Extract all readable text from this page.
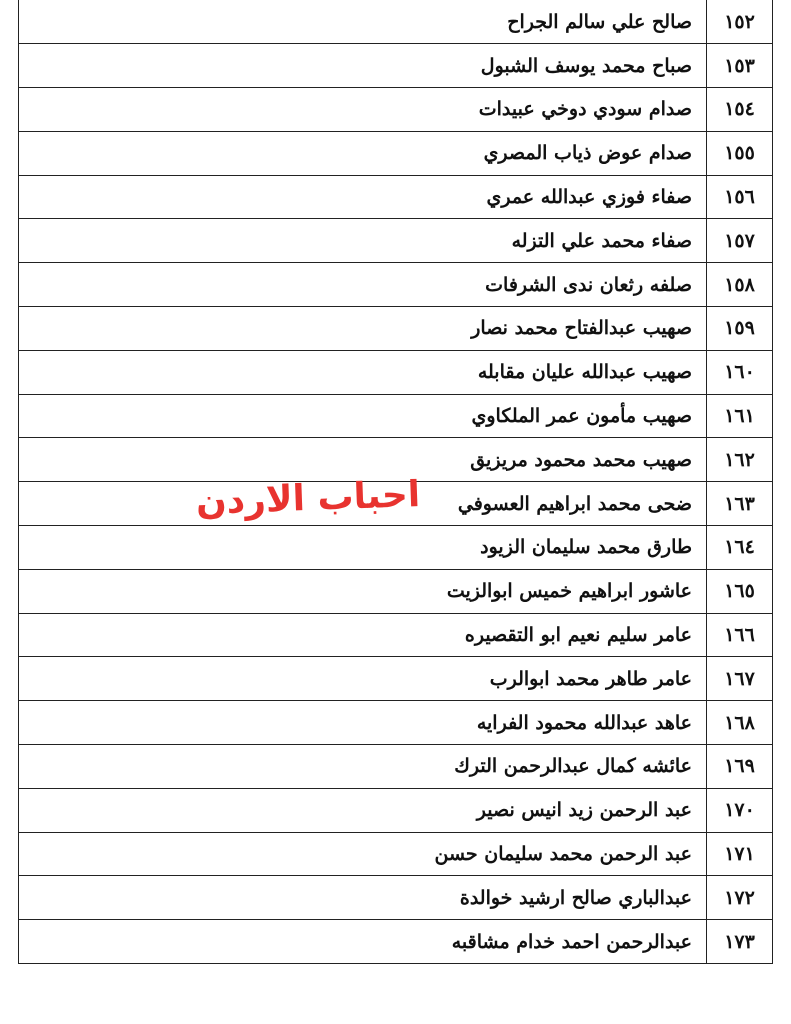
١٥٢	صالح علي سالم الجراح
١٥٣	صباح محمد يوسف الشبول
١٥٤	صدام سودي دوخي عبيدات
١٥٥	صدام عوض ذياب المصري
١٥٦	صفاء فوزي عبدالله عمري
١٥٧	صفاء محمد علي التزله
١٥٨	صلفه رثعان ندى الشرفات
١٥٩	صهيب عبدالفتاح محمد نصار
١٦٠	صهيب عبدالله عليان مقابله
١٦١	صهيب مأمون عمر الملكاوي
١٦٢	صهيب محمد محمود مريزيق
١٦٣	ضحى محمد ابراهيم العسوفي
١٦٤	طارق محمد سليمان الزيود
١٦٥	عاشور ابراهيم خميس ابوالزيت
١٦٦	عامر سليم نعيم ابو التقصيره
١٦٧	عامر طاهر محمد ابوالرب
١٦٨	عاهد عبدالله محمود الفرايه
١٦٩	عائشه كمال عبدالرحمن الترك
١٧٠	عبد الرحمن زيد انيس نصير
١٧١	عبد الرحمن محمد سليمان حسن
١٧٢	عبدالباري صالح ارشيد خوالدة
١٧٣	عبدالرحمن احمد خدام مشاقبه
احباب الاردن
